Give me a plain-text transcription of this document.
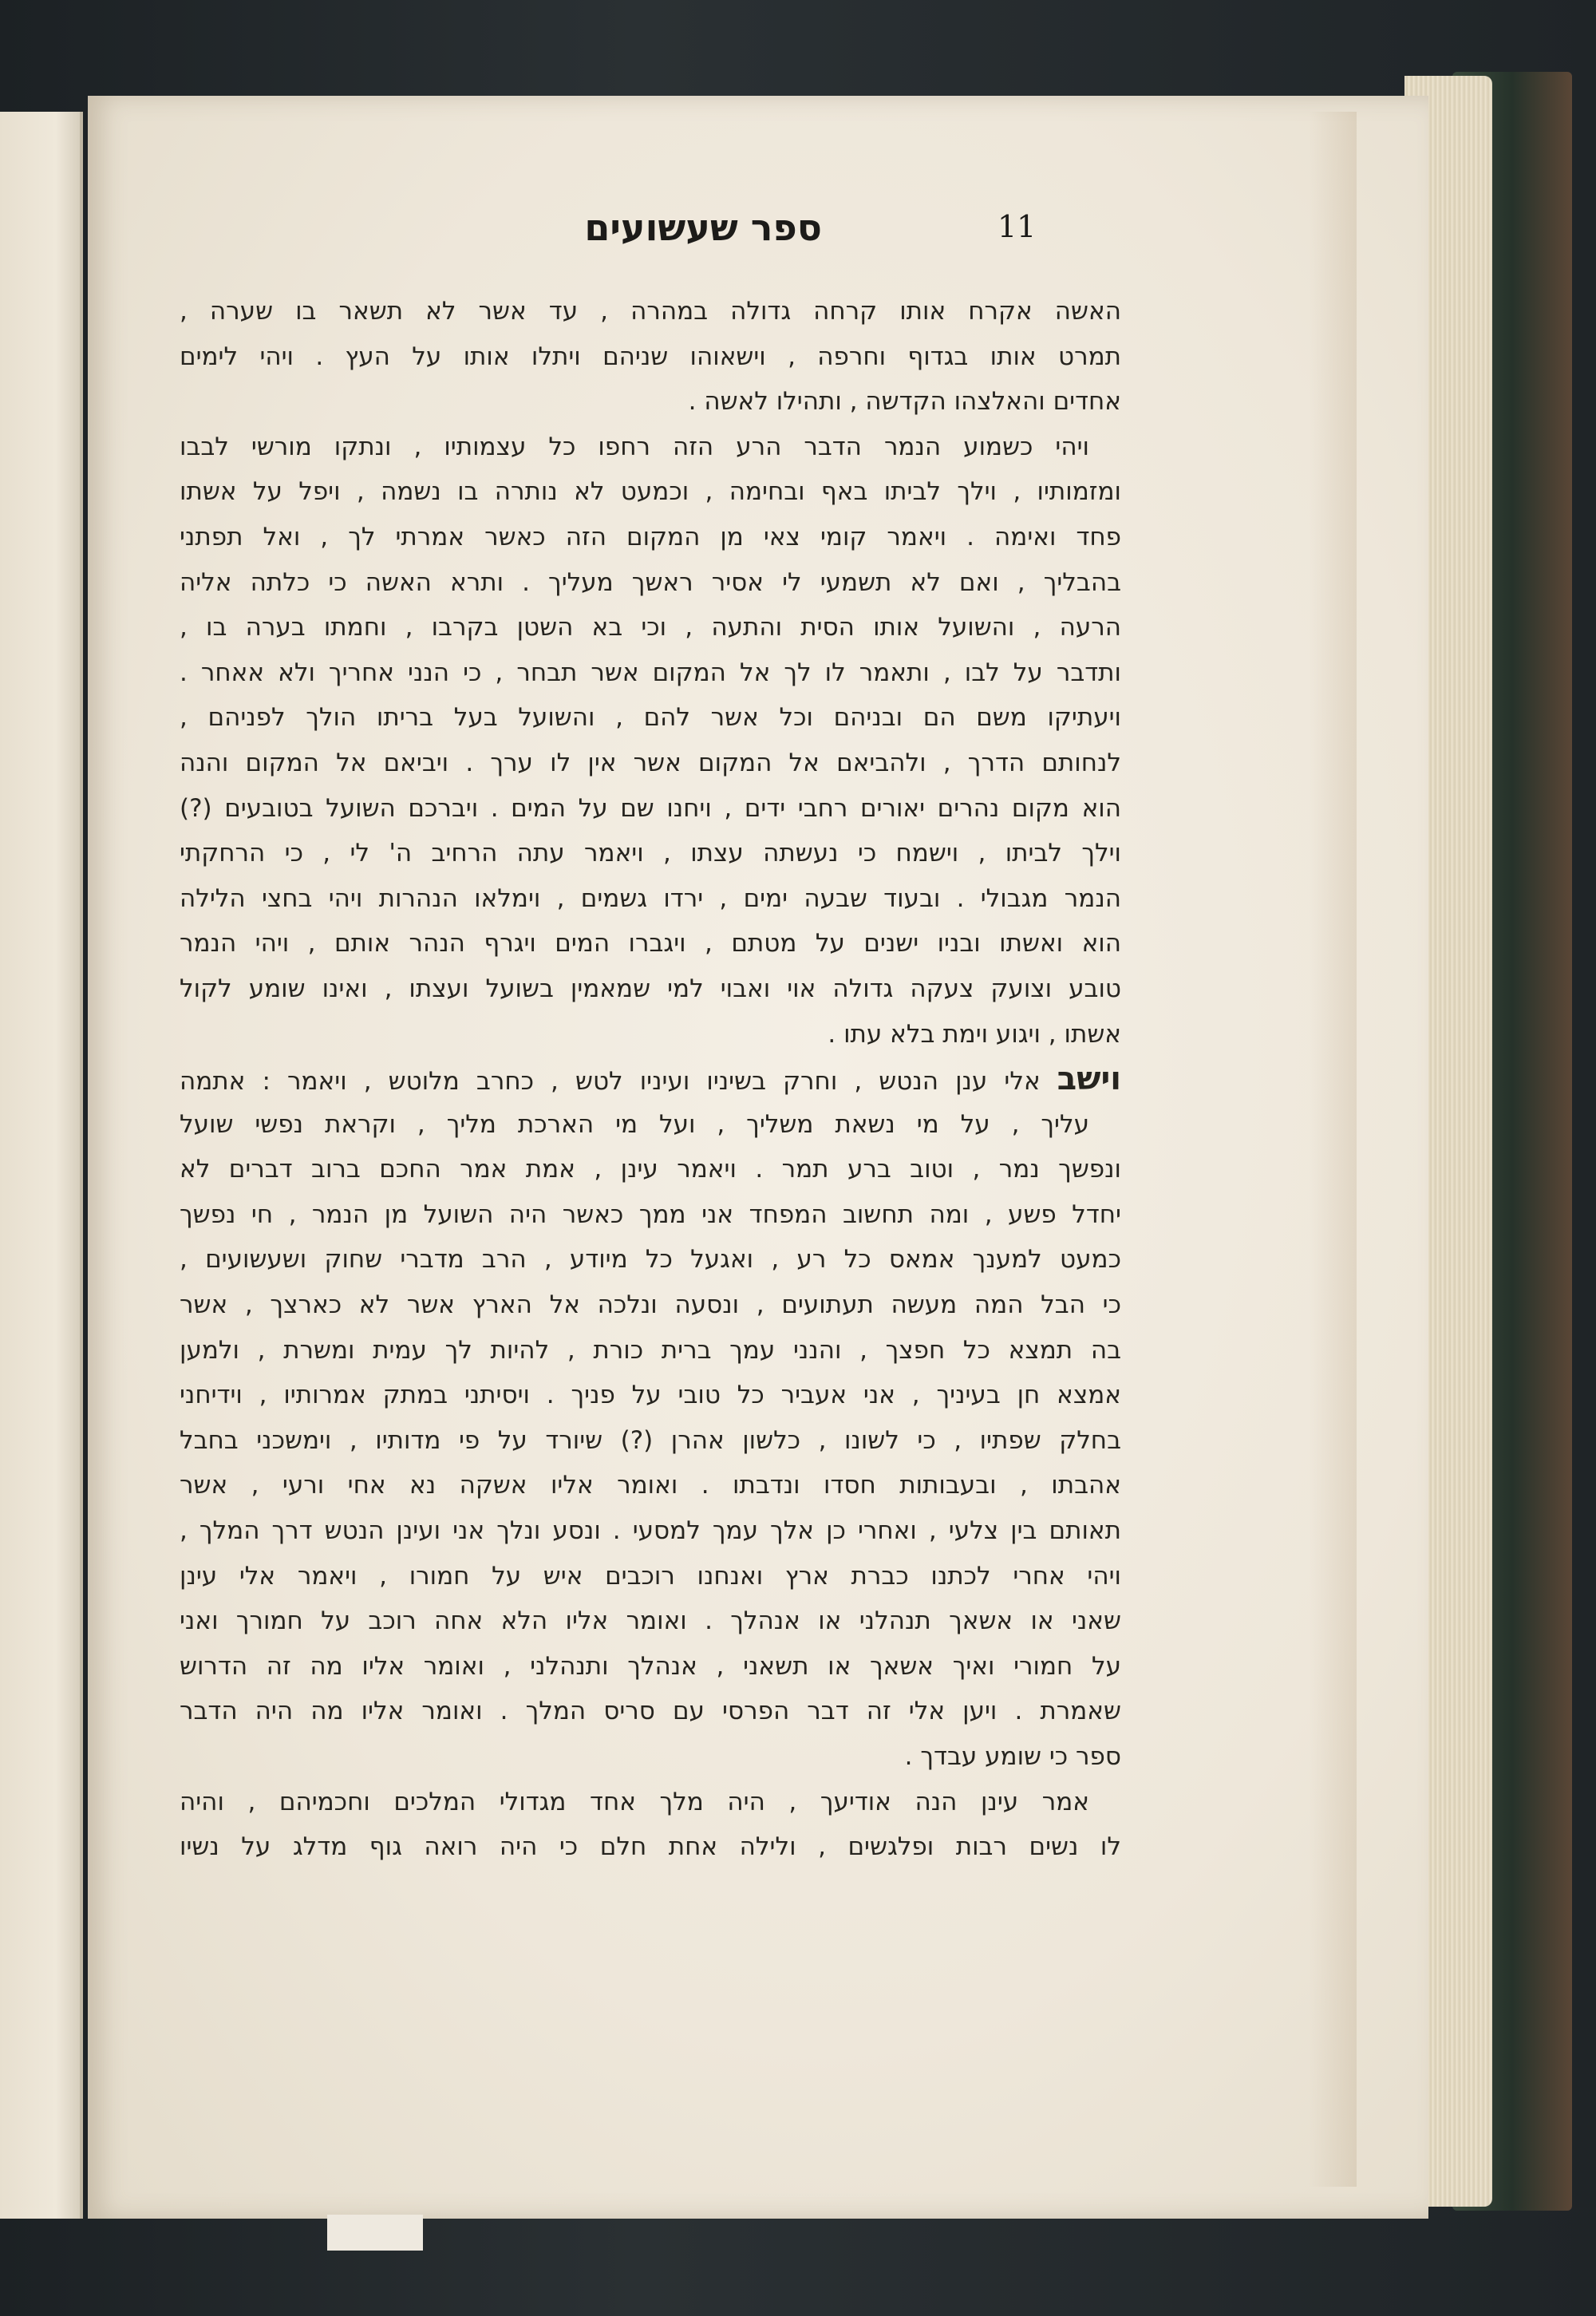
ספר שעשועים	11
האשה אקרח אותו קרחה גדולה במהרה , עד אשר לא תשאר בו שערה ,
תמרט אותו בגדוף וחרפה , וישאוהו שניהם ויתלו אותו על העץ . ויהי לימים
אחדים והאלצהו הקדשה , ותהילו לאשה .
ויהי כשמוע הנמר הדבר הרע הזה רחפו כל עצמותיו , ונתקו מורשי לבבו
ומזמותיו , וילך לביתו באף ובחימה , וכמעט לא נותרה בו נשמה , ויפל על אשתו
פחד ואימה . ויאמר קומי צאי מן המקום הזה כאשר אמרתי לך , ואל תפתני
בהבליך , ואם לא תשמעי לי אסיר ראשך מעליך . ותרא האשה כי כלתה אליה
הרעה , והשועל אותו הסית והתעה , וכי בא השטן בקרבו , וחמתו בערה בו ,
ותדבר על לבו , ותאמר לו לך אל המקום אשר תבחר , כי הנני אחריך ולא אאחר .
ויעתיקו משם הם ובניהם וכל אשר להם , והשועל בעל בריתו הולך לפניהם ,
לנחותם הדרך , ולהביאם אל המקום אשר אין לו ערך . ויביאם אל המקום והנה
הוא מקום נהרים יאורים רחבי ידים , ויחנו שם על המים . ויברכם השועל בטובעים (?)
וילך לביתו , וישמח כי נעשתה עצתו , ויאמר עתה הרחיב ה' לי , כי הרחקתי
הנמר מגבולי . ובעוד שבעה ימים , ירדו גשמים , וימלאו הנהרות ויהי בחצי הלילה
הוא ואשתו ובניו ישנים על מטתם , ויגברו המים ויגרף הנהר אותם , ויהי הנמר
טובע וצועק צעקה גדולה אוי ואבוי למי שמאמין בשועל ועצתו , ואינו שומע לקול
אשתו , ויגוע וימת בלא עתו .
וישב אלי ענן הנטש , וחרק בשיניו ועיניו לטש , כחרב מלוטש , ויאמר : אתמה
עליך , על מי נשאת משליך , ועל מי הארכת מליך , וקראת נפשי שועל
ונפשך נמר , וטוב ברע תמר . ויאמר עינן , אמת אמר החכם ברוב דברים לא
יחדל פשע , ומה תחשוב המפחד אני ממך כאשר היה השועל מן הנמר , חי נפשך
כמעט למענך אמאס כל רע , ואגעל כל מיודע , הרב מדברי שחוק ושעשועים ,
כי הבל המה מעשה תעתועים , ונסעה ונלכה אל הארץ אשר לא כארצך , אשר
בה תמצא כל חפצך , והנני עמך ברית כורת , להיות לך עמית ומשרת , ולמען
אמצא חן בעיניך , אני אעביר כל טובי על פניך . ויסיתני במתק אמרותיו , וידיחני
בחלק שפתיו , כי לשונו , כלשון אהרן (?) שיורד על פי מדותיו , וימשכני בחבל
אהבתו , ובעבותות חסדו ונדבתו . ואומר אליו אשקה נא אחי ורעי , אשר
תאותם בין צלעי , ואחרי כן אלך עמך למסעי . ונסע ונלך אני ועינן הנטש דרך המלך ,
ויהי אחרי לכתנו כברת ארץ ואנחנו רוכבים איש על חמורו , ויאמר אלי עינן
שאני או אשאך תנהלני או אנהלך . ואומר אליו הלא אחה רוכב על חמורך ואני
על חמורי ואיך אשאך או תשאני , אנהלך ותנהלני , ואומר אליו מה זה הדרוש
שאמרת . ויען אלי זה דבר הפרסי עם סריס המלך . ואומר אליו מה היה הדבר
ספר כי שומע עבדך .
אמר עינן הנה אודיעך , היה מלך אחד מגדולי המלכים וחכמיהם , והיה
לו נשים רבות ופלגשים , ולילה אחת חלם כי היה רואה גוף מדלג על נשיו
